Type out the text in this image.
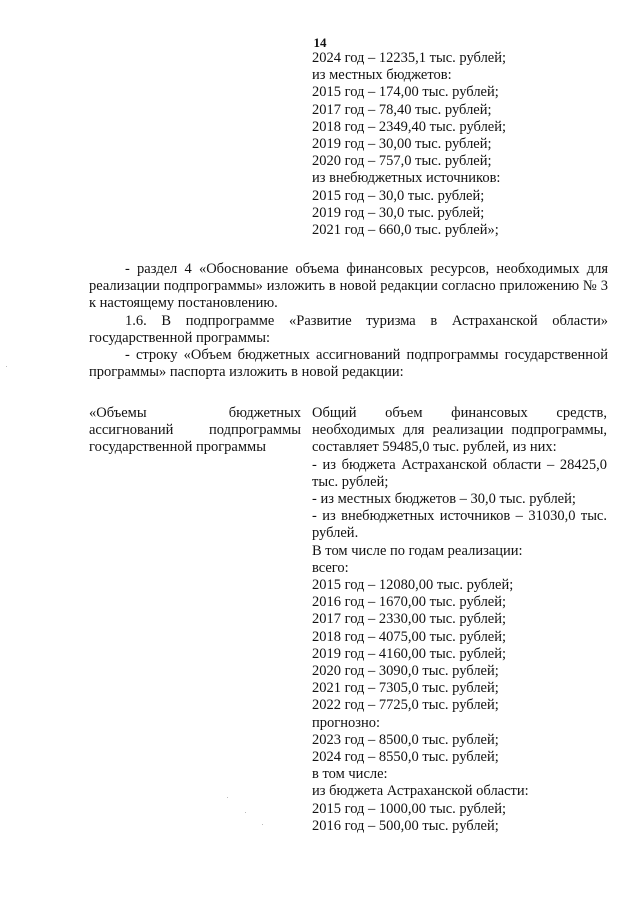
14
2024 год – 12235,1 тыс. рублей;
из местных бюджетов:
2015 год – 174,00 тыс. рублей;
2017 год – 78,40 тыс. рублей;
2018 год – 2349,40 тыс. рублей;
2019 год – 30,00 тыс. рублей;
2020 год – 757,0 тыс. рублей;
из внебюджетных источников:
2015 год – 30,0 тыс. рублей;
2019 год – 30,0 тыс. рублей;
2021 год – 660,0 тыс. рублей»;

- раздел 4 «Обоснование объема финансовых ресурсов, необходимых для реализации подпрограммы» изложить в новой редакции согласно приложению № 3 к настоящему постановлению.

1.6. В подпрограмме «Развитие туризма в Астраханской области» государственной программы:

- строку «Объем бюджетных ассигнований подпрограммы государственной программы» паспорта изложить в новой редакции:

«Объемы бюджетных ассигнований подпрограммы государственной программы
Общий объем финансовых средств, необходимых для реализации подпрограммы, составляет 59485,0 тыс. рублей, из них:
- из бюджета Астраханской области – 28425,0 тыс. рублей;
- из местных бюджетов – 30,0 тыс. рублей;
- из внебюджетных источников – 31030,0 тыс. рублей.
В том числе по годам реализации:
всего:
2015 год – 12080,00 тыс. рублей;
2016 год – 1670,00 тыс. рублей;
2017 год – 2330,00 тыс. рублей;
2018 год – 4075,00 тыс. рублей;
2019 год – 4160,00 тыс. рублей;
2020 год – 3090,0 тыс. рублей;
2021 год – 7305,0 тыс. рублей;
2022 год – 7725,0 тыс. рублей;
прогнозно:
2023 год – 8500,0 тыс. рублей;
2024 год – 8550,0 тыс. рублей;
в том числе:
из бюджета Астраханской области:
2015 год – 1000,00 тыс. рублей;
2016 год – 500,00 тыс. рублей;
